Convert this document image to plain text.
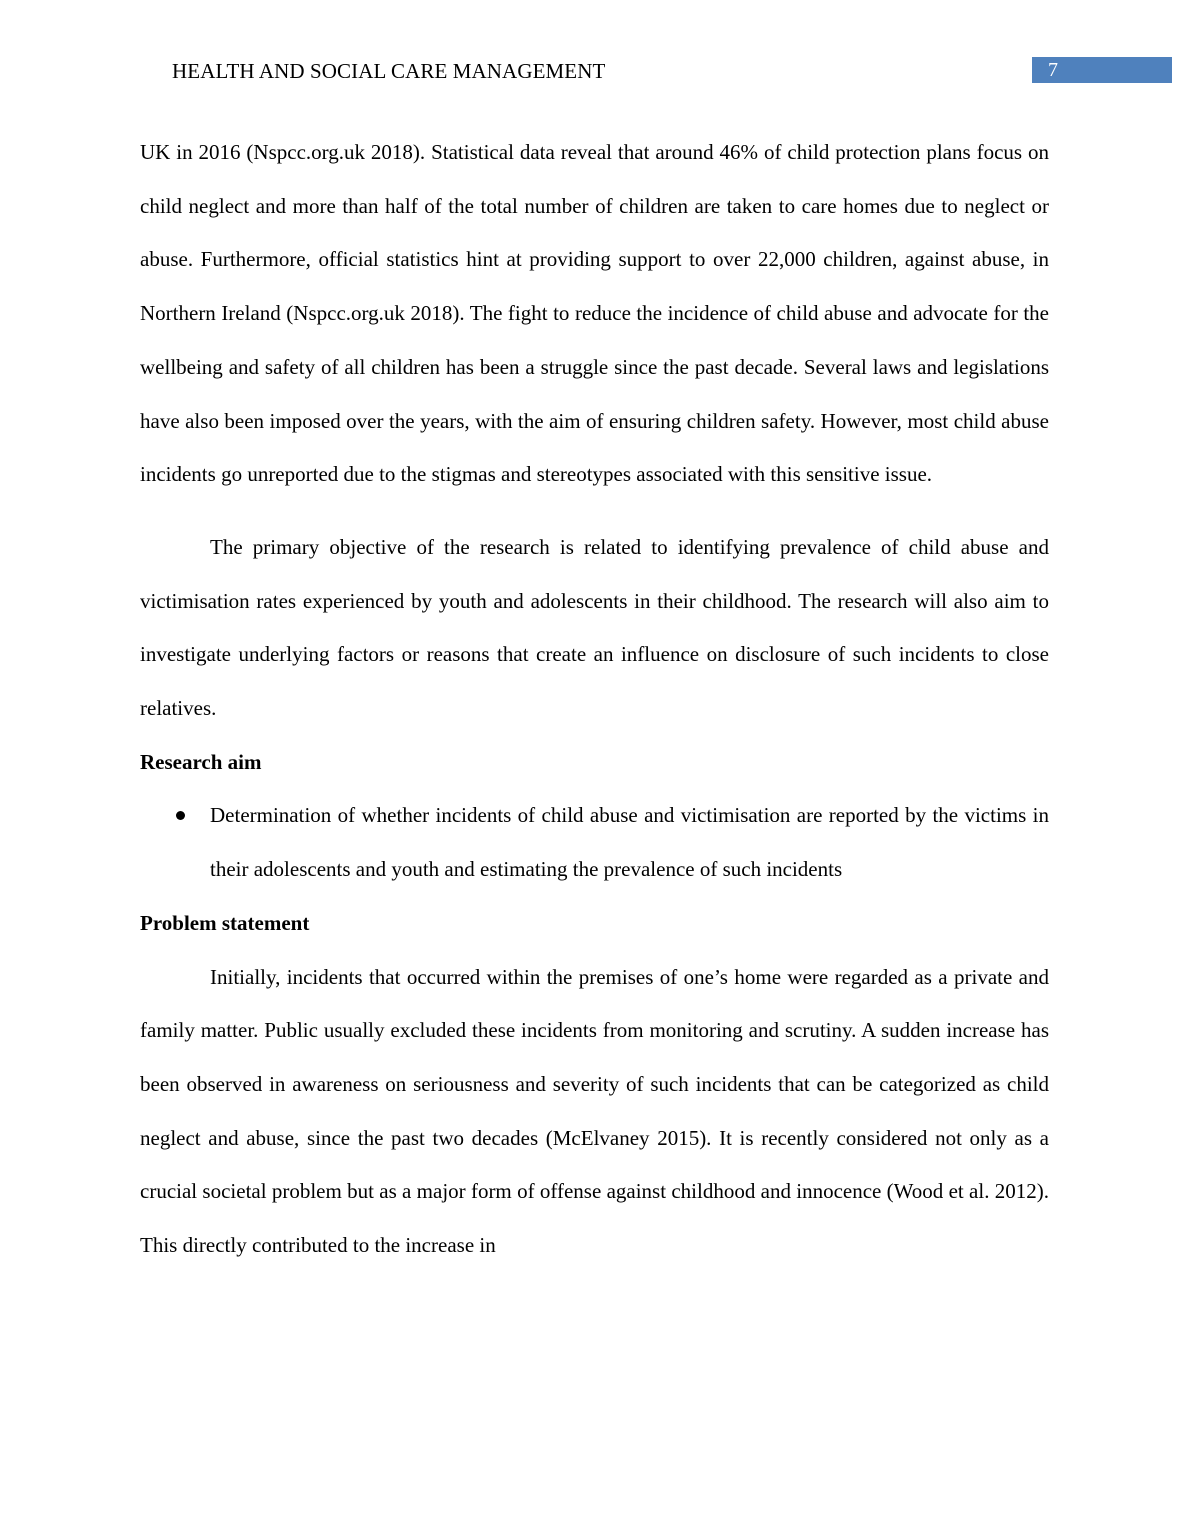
HEALTH AND SOCIAL CARE MANAGEMENT	7

UK in 2016 (Nspcc.org.uk 2018). Statistical data reveal that around 46% of child protection plans focus on child neglect and more than half of the total number of children are taken to care homes due to neglect or abuse. Furthermore, official statistics hint at providing support to over 22,000 children, against abuse, in Northern Ireland (Nspcc.org.uk 2018). The fight to reduce the incidence of child abuse and advocate for the wellbeing and safety of all children has been a struggle since the past decade. Several laws and legislations have also been imposed over the years, with the aim of ensuring children safety. However, most child abuse incidents go unreported due to the stigmas and stereotypes associated with this sensitive issue.

The primary objective of the research is related to identifying prevalence of child abuse and victimisation rates experienced by youth and adolescents in their childhood. The research will also aim to investigate underlying factors or reasons that create an influence on disclosure of such incidents to close relatives.

Research aim

Determination of whether incidents of child abuse and victimisation are reported by the victims in their adolescents and youth and estimating the prevalence of such incidents

Problem statement

Initially, incidents that occurred within the premises of one’s home were regarded as a private and family matter. Public usually excluded these incidents from monitoring and scrutiny. A sudden increase has been observed in awareness on seriousness and severity of such incidents that can be categorized as child neglect and abuse, since the past two decades (McElvaney 2015). It is recently considered not only as a crucial societal problem but as a major form of offense against childhood and innocence (Wood et al. 2012). This directly contributed to the increase in
